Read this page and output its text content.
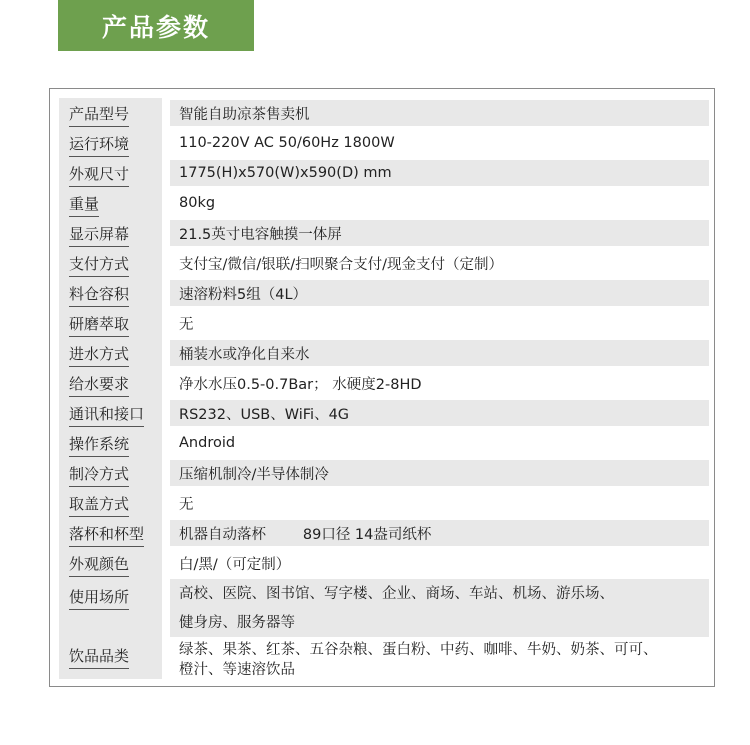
产品参数
产品型号	智能自助凉茶售卖机
运行环境	110-220V AC 50/60Hz 1800W
外观尺寸	1775(H)x570(W)x590(D) mm
重量	80kg
显示屏幕	21.5英寸电容触摸一体屏
支付方式	支付宝/微信/银联/扫呗聚合支付/现金支付（定制）
料仓容积	速溶粉料5组（4L）
研磨萃取	无
进水方式	桶装水或净化自来水
给水要求	净水水压0.5-0.7Bar； 水硬度2-8HD
通讯和接口	RS232、USB、WiFi、4G
操作系统	Android
制冷方式	压缩机制冷/半导体制冷
取盖方式	无
落杯和杯型	机器自动落杯        89口径 14盎司纸杯
外观颜色	白/黑/（可定制）
使用场所	高校、医院、图书馆、写字楼、企业、商场、车站、机场、游乐场、
健身房、服务器等
饮品品类	绿茶、果茶、红茶、五谷杂粮、蛋白粉、中药、咖啡、牛奶、奶茶、可可、
橙汁、等速溶饮品
